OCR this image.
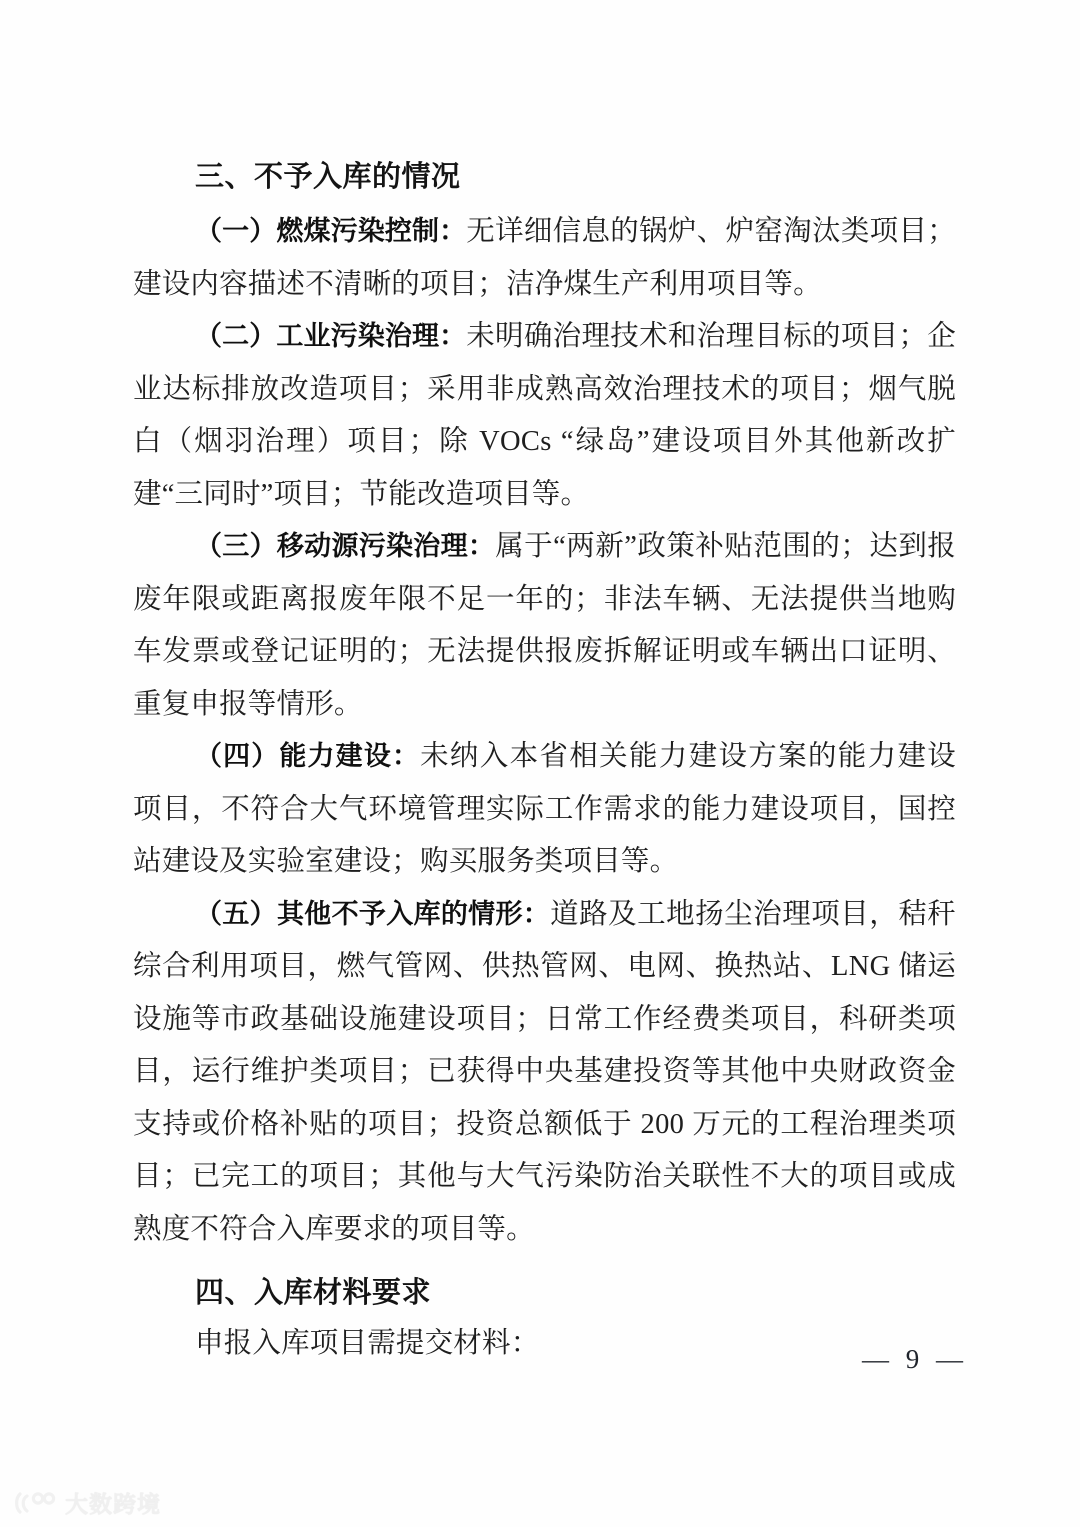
三、不予入库的情况

（一）燃煤污染控制：无详细信息的锅炉、炉窑淘汰类项目；建设内容描述不清晰的项目；洁净煤生产利用项目等。

（二）工业污染治理：未明确治理技术和治理目标的项目；企业达标排放改造项目；采用非成熟高效治理技术的项目；烟气脱白（烟羽治理）项目；除 VOCs “绿岛”建设项目外其他新改扩建“三同时”项目；节能改造项目等。

（三）移动源污染治理：属于“两新”政策补贴范围的；达到报废年限或距离报废年限不足一年的；非法车辆、无法提供当地购车发票或登记证明的；无法提供报废拆解证明或车辆出口证明、重复申报等情形。

（四）能力建设：未纳入本省相关能力建设方案的能力建设项目，不符合大气环境管理实际工作需求的能力建设项目，国控站建设及实验室建设；购买服务类项目等。

（五）其他不予入库的情形：道路及工地扬尘治理项目，秸秆综合利用项目，燃气管网、供热管网、电网、换热站、LNG 储运设施等市政基础设施建设项目；日常工作经费类项目，科研类项目，运行维护类项目；已获得中央基建投资等其他中央财政资金支持或价格补贴的项目；投资总额低于 200 万元的工程治理类项目；已完工的项目；其他与大气污染防治关联性不大的项目或成熟度不符合入库要求的项目等。

四、入库材料要求

申报入库项目需提交材料：	— 9 —
大数跨境
